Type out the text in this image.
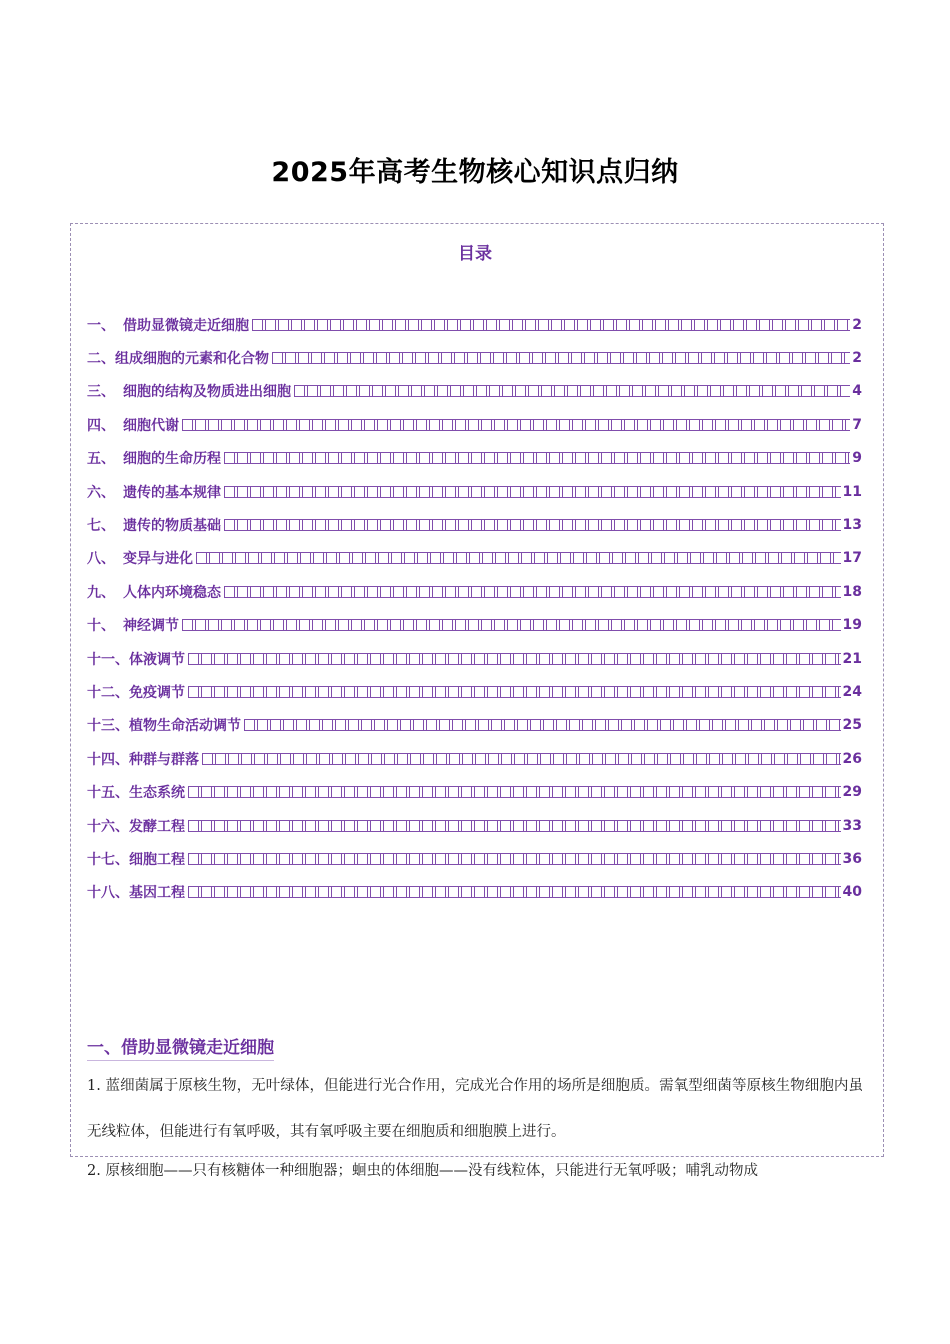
2025年高考生物核心知识点归纳
目录
一、 借助显微镜走近细胞	2
二、 组成细胞的元素和化合物	2
三、 细胞的结构及物质进出细胞	4
四、 细胞代谢	7
五、 细胞的生命历程	9
六、 遗传的基本规律	11
七、 遗传的物质基础	13
八、 变异与进化	17
九、 人体内环境稳态	18
十、 神经调节	19
十一、 体液调节	21
十二、 免疫调节	24
十三、 植物生命活动调节	25
十四、 种群与群落	26
十五、 生态系统	29
十六、 发酵工程	33
十七、 细胞工程	36
十八、 基因工程	40
一、借助显微镜走近细胞

1. 蓝细菌属于原核生物，无叶绿体，但能进行光合作用，完成光合作用的场所是细胞质。需氧型细菌等原核生物细胞内虽无线粒体，但能进行有氧呼吸，其有氧呼吸主要在细胞质和细胞膜上进行。

2. 原核细胞——只有核糖体一种细胞器；蛔虫的体细胞——没有线粒体，只能进行无氧呼吸；哺乳动物成
